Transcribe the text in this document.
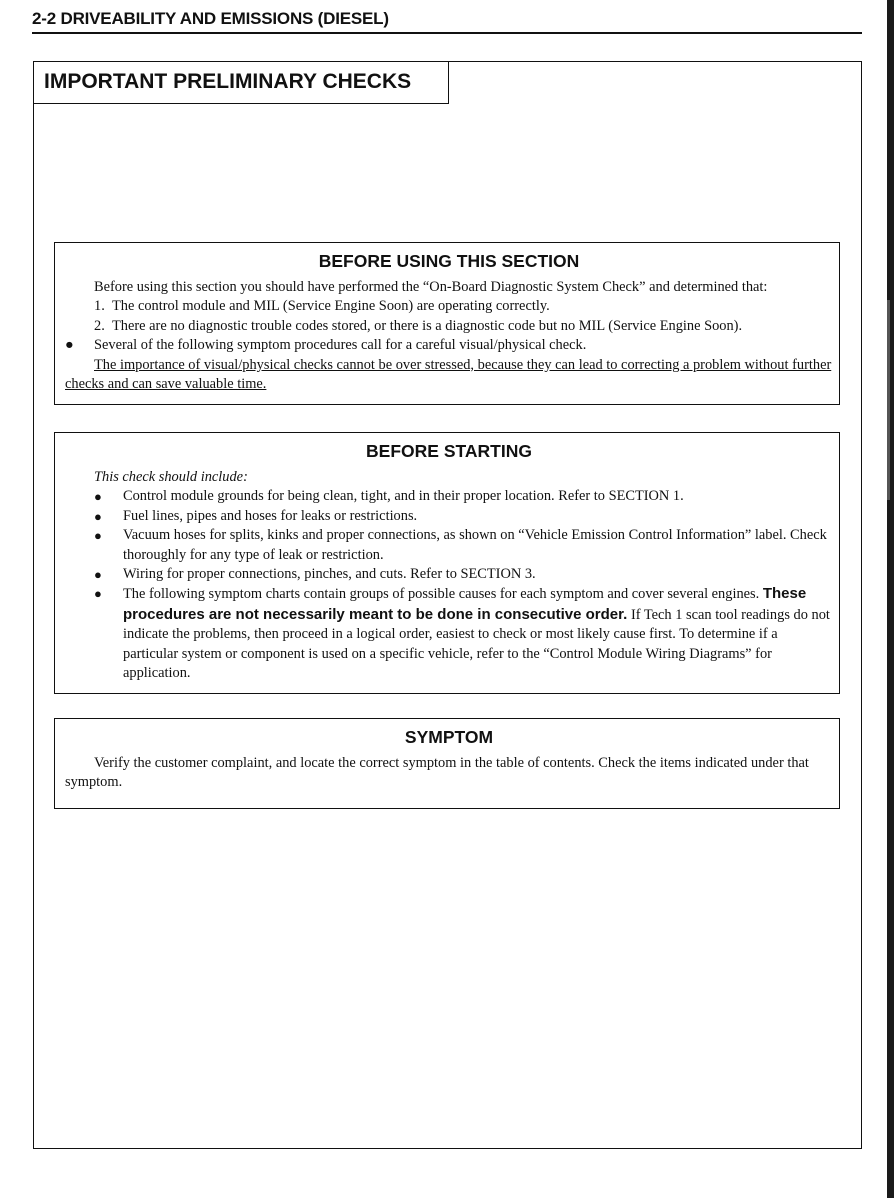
2-2 DRIVEABILITY AND EMISSIONS (DIESEL)
IMPORTANT PRELIMINARY CHECKS
BEFORE USING THIS SECTION

Before using this section you should have performed the “On-Board Diagnostic System Check” and determined that:

1. The control module and MIL (Service Engine Soon) are operating correctly.

2. There are no diagnostic trouble codes stored, or there is a diagnostic code but no MIL (Service Engine Soon).

● Several of the following symptom procedures call for a careful visual/physical check.

The importance of visual/physical checks cannot be over stressed, because they can lead to correcting a problem without further checks and can save valuable time.

BEFORE STARTING

This check should include:

● Control module grounds for being clean, tight, and in their proper location. Refer to SECTION 1.

● Fuel lines, pipes and hoses for leaks or restrictions.

● Vacuum hoses for splits, kinks and proper connections, as shown on “Vehicle Emission Control Information” label. Check thoroughly for any type of leak or restriction.

● Wiring for proper connections, pinches, and cuts. Refer to SECTION 3.

● The following symptom charts contain groups of possible causes for each symptom and cover several engines. These procedures are not necessarily meant to be done in consecutive order. If Tech 1 scan tool readings do not indicate the problems, then proceed in a logical order, easiest to check or most likely cause first. To determine if a particular system or component is used on a specific vehicle, refer to the “Control Module Wiring Diagrams” for application.

SYMPTOM

Verify the customer complaint, and locate the correct symptom in the table of contents. Check the items indicated under that symptom.
